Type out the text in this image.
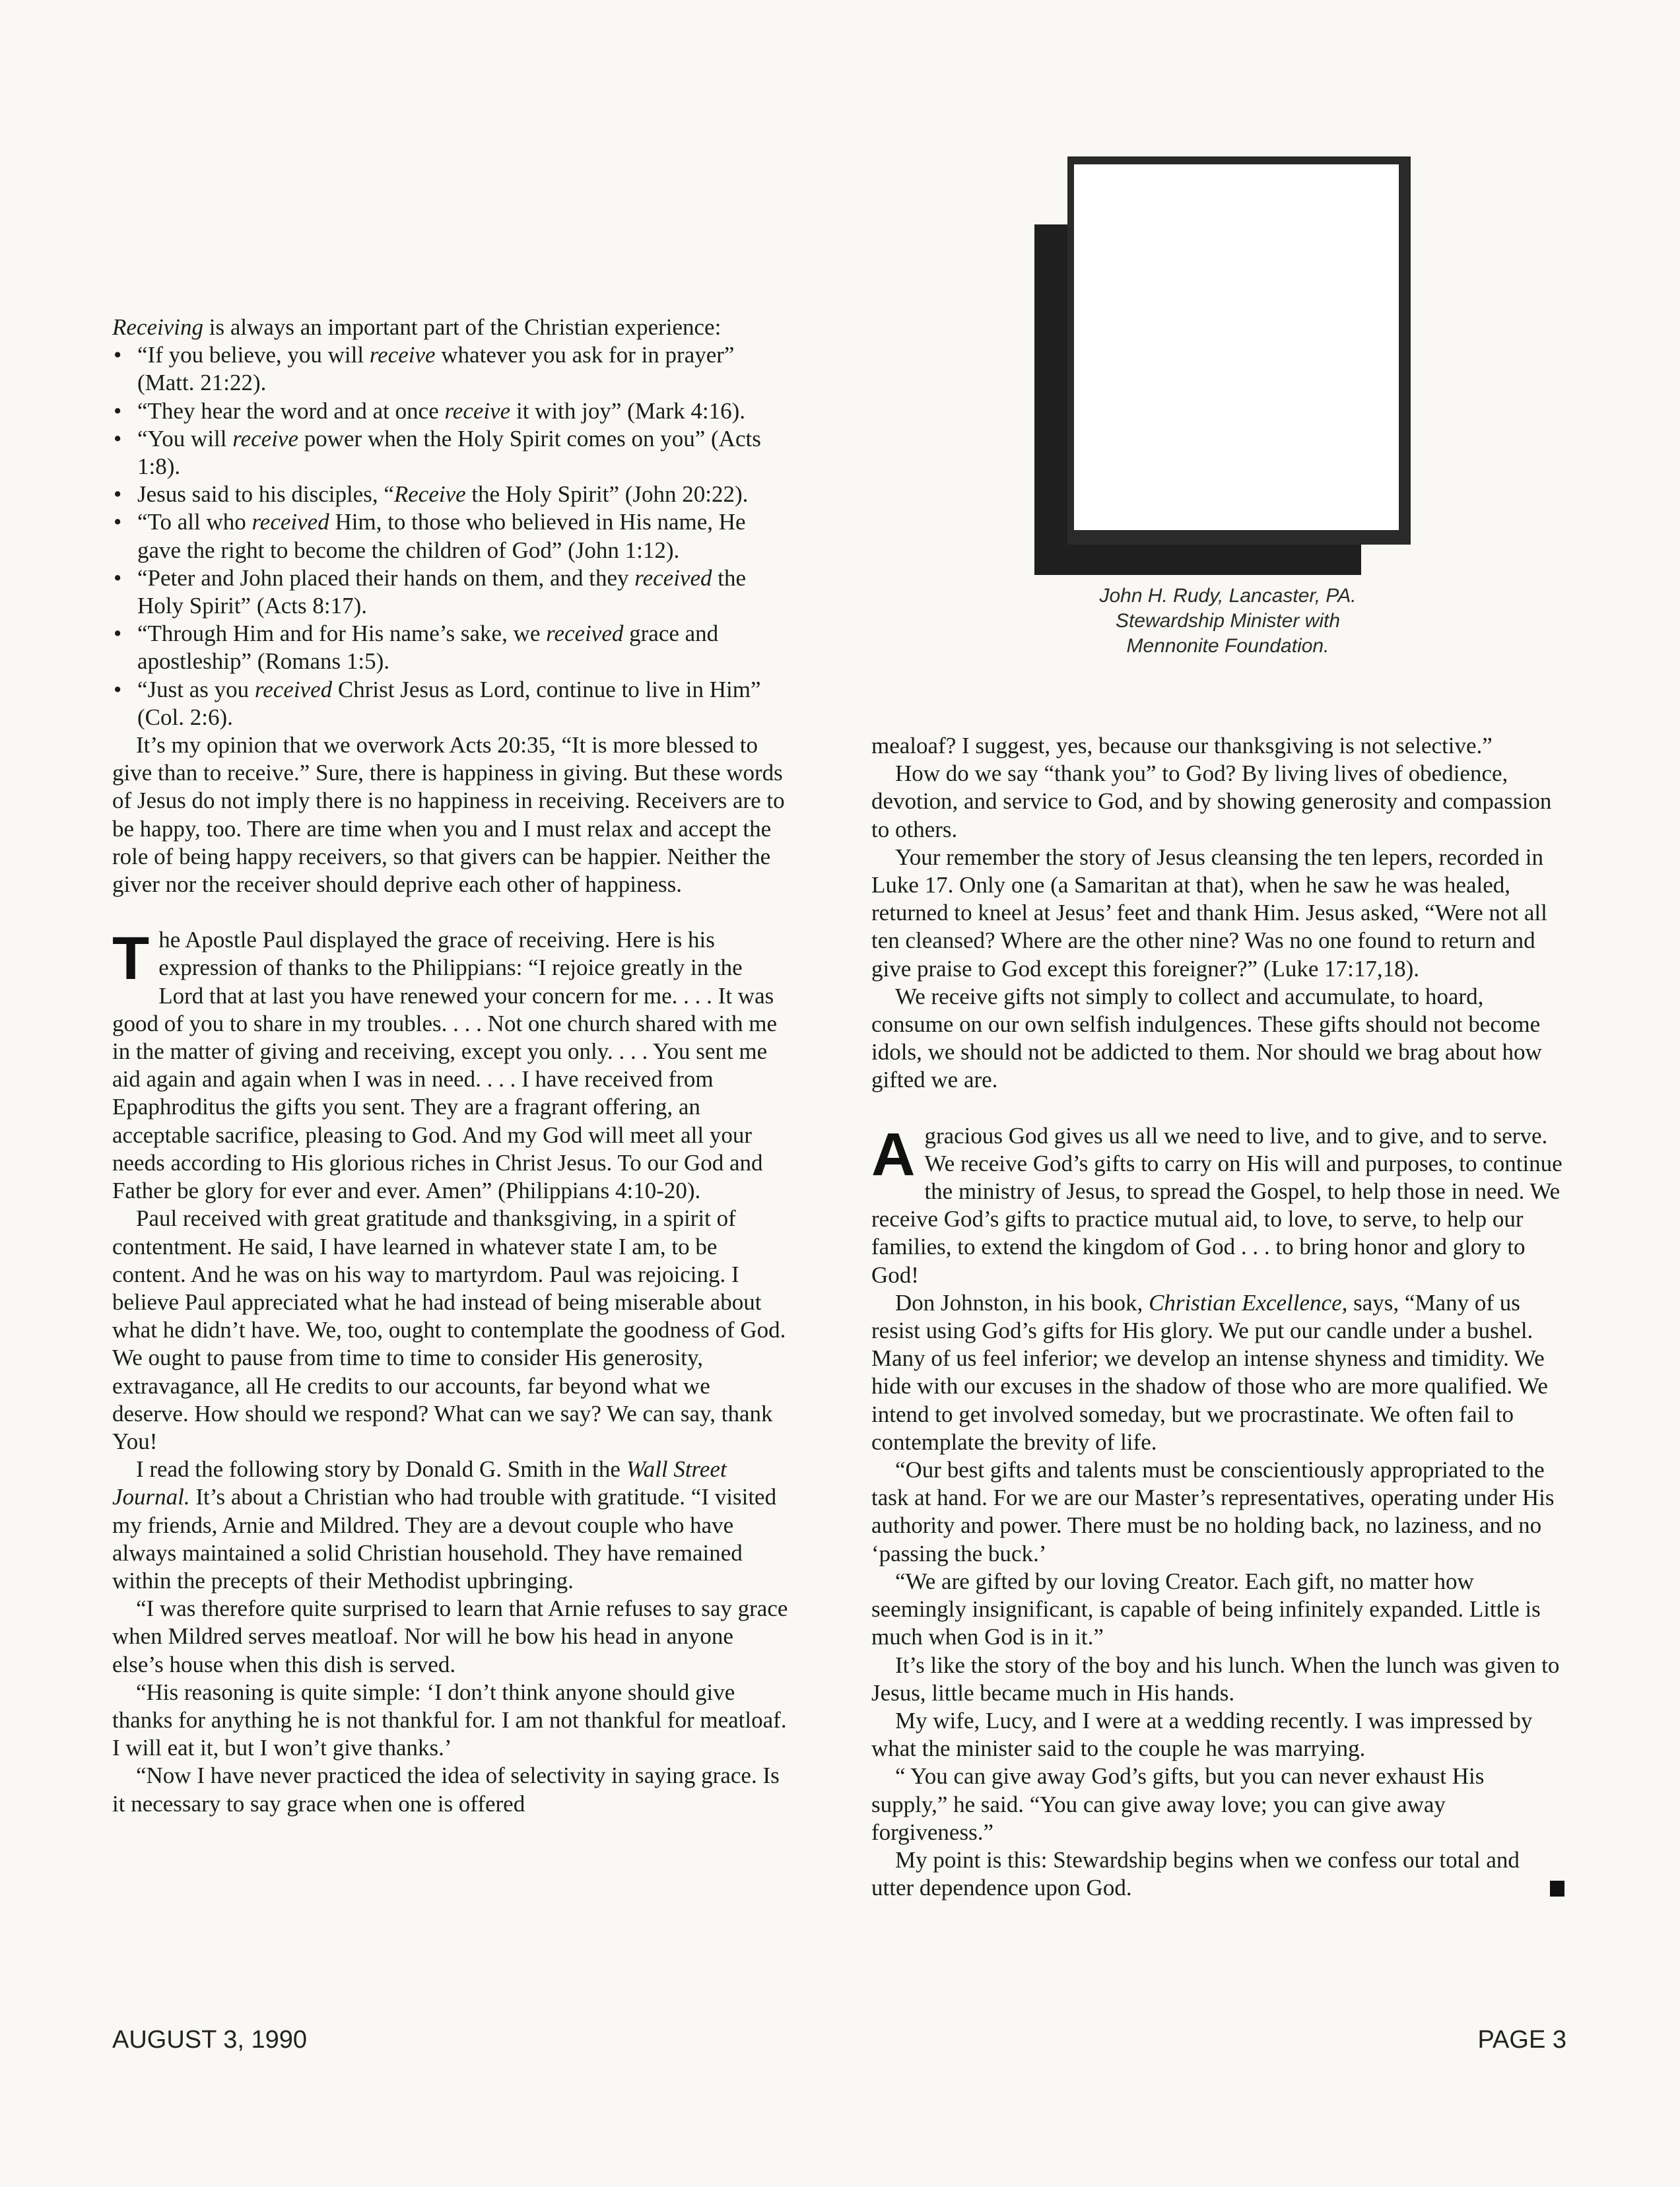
John H. Rudy, Lancaster, PA.
Stewardship Minister with
Mennonite Foundation.

Receiving is always an important part of the Christian experience:

• “If you believe, you will receive whatever you ask for in prayer” (Matt. 21:22).
• “They hear the word and at once receive it with joy” (Mark 4:16).
• “You will receive power when the Holy Spirit comes on you” (Acts 1:8).
• Jesus said to his disciples, “Receive the Holy Spirit” (John 20:22).
• “To all who received Him, to those who believed in His name, He gave the right to become the children of God” (John 1:12).
• “Peter and John placed their hands on them, and they received the Holy Spirit” (Acts 8:17).
• “Through Him and for His name’s sake, we received grace and apostleship” (Romans 1:5).
• “Just as you received Christ Jesus as Lord, continue to live in Him” (Col. 2:6).

It’s my opinion that we overwork Acts 20:35, “It is more blessed to give than to receive.” Sure, there is happiness in giving. But these words of Jesus do not imply there is no happiness in receiving. Receivers are to be happy, too. There are time when you and I must relax and accept the role of being happy receivers, so that givers can be happier. Neither the giver nor the receiver should deprive each other of happiness.

The Apostle Paul displayed the grace of receiving. Here is his expression of thanks to the Philippians: “I rejoice greatly in the Lord that at last you have renewed your concern for me. . . . It was good of you to share in my troubles. . . . Not one church shared with me in the matter of giving and receiving, except you only. . . . You sent me aid again and again when I was in need. . . . I have received from Epaphroditus the gifts you sent. They are a fragrant offering, an acceptable sacrifice, pleasing to God. And my God will meet all your needs according to His glorious riches in Christ Jesus. To our God and Father be glory for ever and ever. Amen” (Philippians 4:10-20).

Paul received with great gratitude and thanksgiving, in a spirit of contentment. He said, I have learned in whatever state I am, to be content. And he was on his way to martyrdom. Paul was rejoicing. I believe Paul appreciated what he had instead of being miserable about what he didn’t have. We, too, ought to contemplate the goodness of God. We ought to pause from time to time to consider His generosity, extravagance, all He credits to our accounts, far beyond what we deserve. How should we respond? What can we say? We can say, thank You!

I read the following story by Donald G. Smith in the Wall Street Journal. It’s about a Christian who had trouble with gratitude. “I visited my friends, Arnie and Mildred. They are a devout couple who have always maintained a solid Christian household. They have remained within the precepts of their Methodist upbringing.

“I was therefore quite surprised to learn that Arnie refuses to say grace when Mildred serves meatloaf. Nor will he bow his head in anyone else’s house when this dish is served.

“His reasoning is quite simple: ‘I don’t think anyone should give thanks for anything he is not thankful for. I am not thankful for meatloaf. I will eat it, but I won’t give thanks.’

“Now I have never practiced the idea of selectivity in saying grace. Is it necessary to say grace when one is offered

mealoaf? I suggest, yes, because our thanksgiving is not selective.”

How do we say “thank you” to God? By living lives of obedience, devotion, and service to God, and by showing generosity and compassion to others.

Your remember the story of Jesus cleansing the ten lepers, recorded in Luke 17. Only one (a Samaritan at that), when he saw he was healed, returned to kneel at Jesus’ feet and thank Him. Jesus asked, “Were not all ten cleansed? Where are the other nine? Was no one found to return and give praise to God except this foreigner?” (Luke 17:17,18).

We receive gifts not simply to collect and accumulate, to hoard, consume on our own selfish indulgences. These gifts should not become idols, we should not be addicted to them. Nor should we brag about how gifted we are.

Agracious God gives us all we need to live, and to give, and to serve. We receive God’s gifts to carry on His will and purposes, to continue the ministry of Jesus, to spread the Gospel, to help those in need. We receive God’s gifts to practice mutual aid, to love, to serve, to help our families, to extend the kingdom of God . . . to bring honor and glory to God!

Don Johnston, in his book, Christian Excellence, says, “Many of us resist using God’s gifts for His glory. We put our candle under a bushel. Many of us feel inferior; we develop an intense shyness and timidity. We hide with our excuses in the shadow of those who are more qualified. We intend to get involved someday, but we procrastinate. We often fail to contemplate the brevity of life.

“Our best gifts and talents must be conscientiously appropriated to the task at hand. For we are our Master’s representatives, operating under His authority and power. There must be no holding back, no laziness, and no ‘passing the buck.’

“We are gifted by our loving Creator. Each gift, no matter how seemingly insignificant, is capable of being infinitely expanded. Little is much when God is in it.”

It’s like the story of the boy and his lunch. When the lunch was given to Jesus, little became much in His hands.

My wife, Lucy, and I were at a wedding recently. I was impressed by what the minister said to the couple he was marrying.

“ You can give away God’s gifts, but you can never exhaust His supply,” he said. “You can give away love; you can give away forgiveness.”

My point is this: Stewardship begins when we confess our total and utter dependence upon God.

AUGUST 3, 1990	PAGE 3
